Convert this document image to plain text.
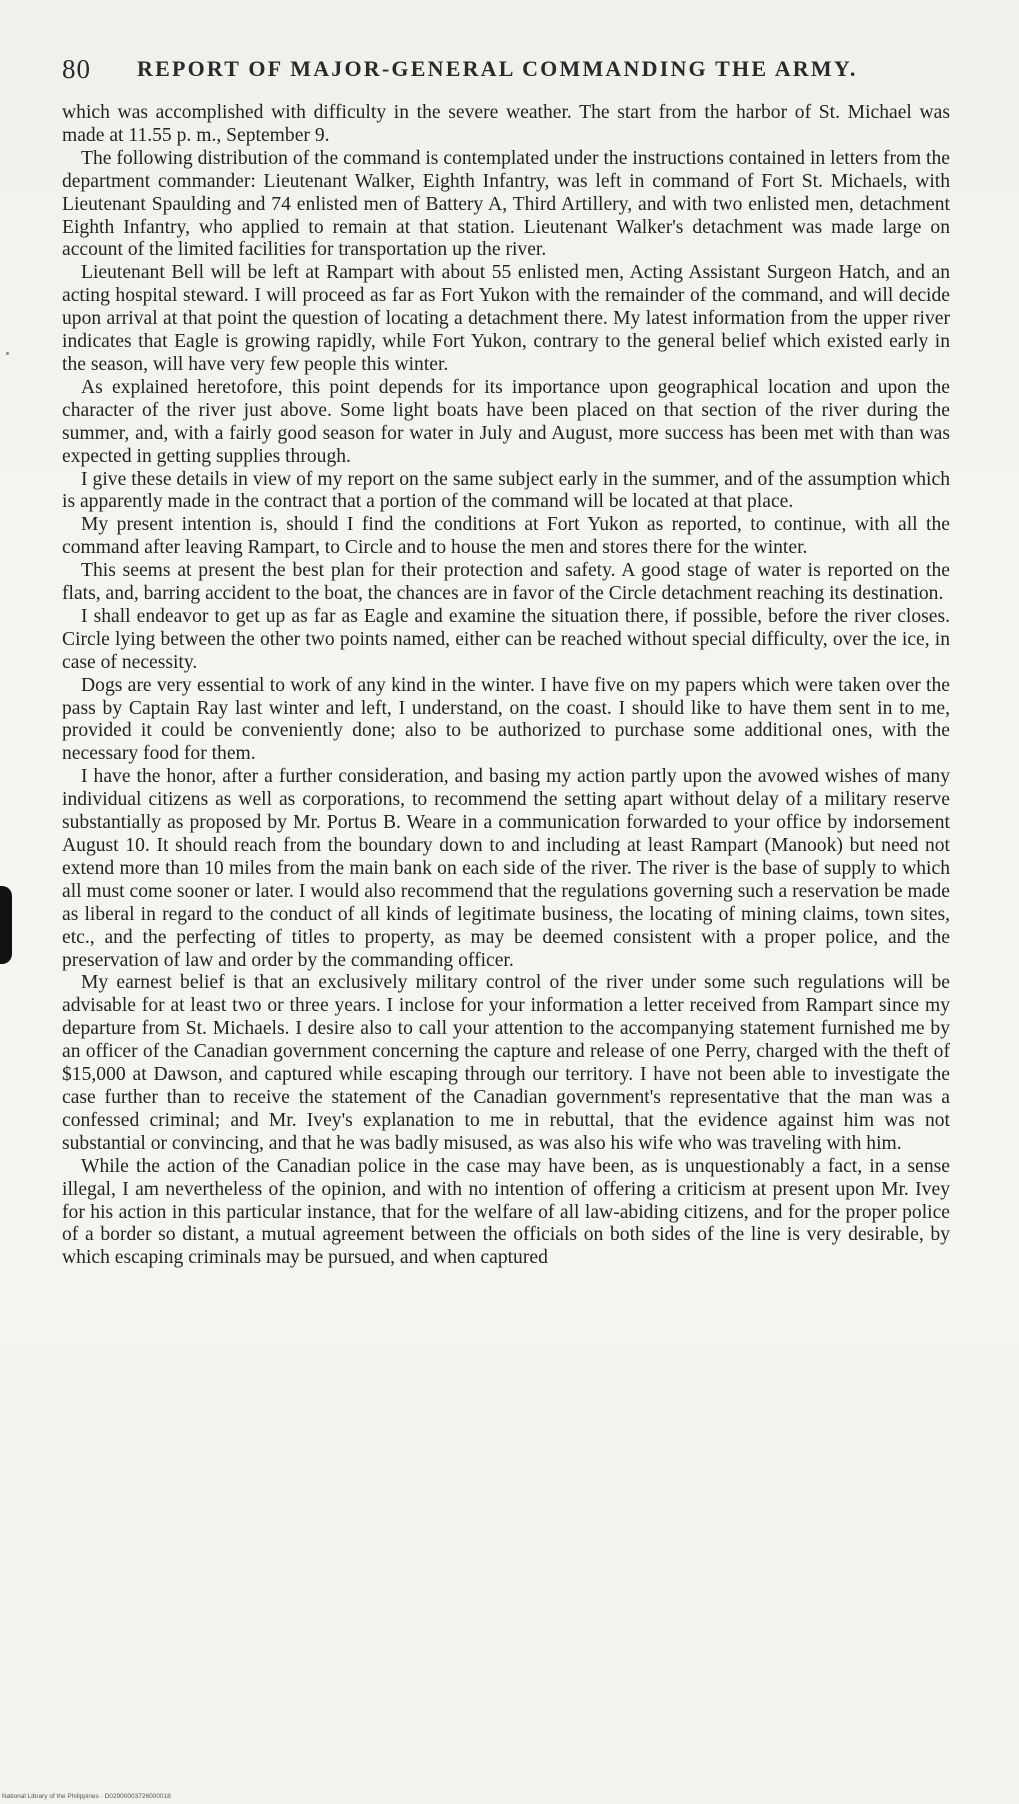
80 REPORT OF MAJOR-GENERAL COMMANDING THE ARMY.

which was accomplished with difficulty in the severe weather. The start from the harbor of St. Michael was made at 11.55 p. m., September 9.

The following distribution of the command is contemplated under the instructions contained in letters from the department commander: Lieutenant Walker, Eighth Infantry, was left in command of Fort St. Michaels, with Lieutenant Spaulding and 74 enlisted men of Battery A, Third Artillery, and with two enlisted men, detachment Eighth Infantry, who applied to remain at that station. Lieutenant Walker's detachment was made large on account of the limited facilities for transportation up the river.

Lieutenant Bell will be left at Rampart with about 55 enlisted men, Acting Assistant Surgeon Hatch, and an acting hospital steward. I will proceed as far as Fort Yukon with the remainder of the command, and will decide upon arrival at that point the question of locating a detachment there. My latest information from the upper river indicates that Eagle is growing rapidly, while Fort Yukon, contrary to the general belief which existed early in the season, will have very few people this winter.

As explained heretofore, this point depends for its importance upon geographical location and upon the character of the river just above. Some light boats have been placed on that section of the river during the summer, and, with a fairly good season for water in July and August, more success has been met with than was expected in getting supplies through.

I give these details in view of my report on the same subject early in the summer, and of the assumption which is apparently made in the contract that a portion of the command will be located at that place.

My present intention is, should I find the conditions at Fort Yukon as reported, to continue, with all the command after leaving Rampart, to Circle and to house the men and stores there for the winter.

This seems at present the best plan for their protection and safety. A good stage of water is reported on the flats, and, barring accident to the boat, the chances are in favor of the Circle detachment reaching its destination.

I shall endeavor to get up as far as Eagle and examine the situation there, if possible, before the river closes. Circle lying between the other two points named, either can be reached without special difficulty, over the ice, in case of necessity.

Dogs are very essential to work of any kind in the winter. I have five on my papers which were taken over the pass by Captain Ray last winter and left, I understand, on the coast. I should like to have them sent in to me, provided it could be conveniently done; also to be authorized to purchase some additional ones, with the necessary food for them.

I have the honor, after a further consideration, and basing my action partly upon the avowed wishes of many individual citizens as well as corporations, to recommend the setting apart without delay of a military reserve substantially as proposed by Mr. Portus B. Weare in a communication forwarded to your office by indorsement August 10. It should reach from the boundary down to and including at least Rampart (Manook) but need not extend more than 10 miles from the main bank on each side of the river. The river is the base of supply to which all must come sooner or later. I would also recommend that the regulations governing such a reservation be made as liberal in regard to the conduct of all kinds of legitimate business, the locating of mining claims, town sites, etc., and the perfecting of titles to property, as may be deemed consistent with a proper police, and the preservation of law and order by the commanding officer.

My earnest belief is that an exclusively military control of the river under some such regulations will be advisable for at least two or three years. I inclose for your information a letter received from Rampart since my departure from St. Michaels. I desire also to call your attention to the accompanying statement furnished me by an officer of the Canadian government concerning the capture and release of one Perry, charged with the theft of $15,000 at Dawson, and captured while escaping through our territory. I have not been able to investigate the case further than to receive the statement of the Canadian government's representative that the man was a confessed criminal; and Mr. Ivey's explanation to me in rebuttal, that the evidence against him was not substantial or convincing, and that he was badly misused, as was also his wife who was traveling with him.

While the action of the Canadian police in the case may have been, as is unquestionably a fact, in a sense illegal, I am nevertheless of the opinion, and with no intention of offering a criticism at present upon Mr. Ivey for his action in this particular instance, that for the welfare of all law-abiding citizens, and for the proper police of a border so distant, a mutual agreement between the officials on both sides of the line is very desirable, by which escaping criminals may be pursued, and when captured

National Library of the Philippines · D02900003726000018
